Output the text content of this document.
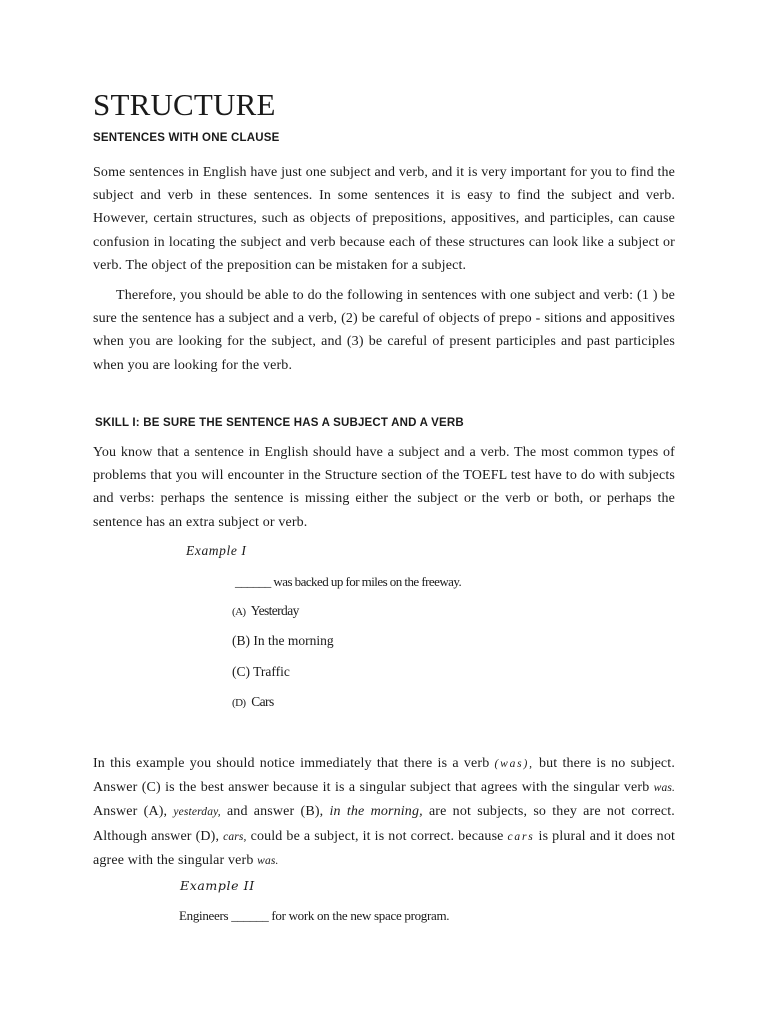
STRUCTURE
SENTENCES WITH ONE CLAUSE

Some sentences in English have just one subject and verb, and it is very important for you to find the subject and verb in these sentences. In some sentences it is easy to find the subject and verb. However, certain structures, such as objects of prepositions, appositives, and participles, can cause confusion in locating the subject and verb because each of these structures can look like a subject or verb. The object of the preposition can be mistaken for a subject.

Therefore, you should be able to do the following in sentences with one subject and verb: (1 ) be sure the sentence has a subject and a verb, (2) be careful of objects of prepo - sitions and appositives when you are looking for the subject, and (3) be careful of present participles and past participles when you are looking for the verb.

SKILL I: BE SURE THE SENTENCE HAS A SUBJECT AND A VERB

You know that a sentence in English should have a subject and a verb. The most common types of problems that you will encounter in the Structure section of the TOEFL test have to do with subjects and verbs: perhaps the sentence is missing either the subject or the verb or both, or perhaps the sentence has an extra subject or verb.

Example I

______ was backed up for miles on the freeway.

(A) Yesterday

(B) In the morning

(C) Traffic

(D) Cars

In this example you should notice immediately that there is a verb (was), but there is no subject. Answer (C) is the best answer because it is a singular subject that agrees with the singular verb was. Answer (A), yesterday, and answer (B), in the morning, are not subjects, so they are not correct. Although answer (D), cars, could be a subject, it is not correct. because cars is plural and it does not agree with the singular verb was.

Example II

Engineers ______ for work on the new space program.
